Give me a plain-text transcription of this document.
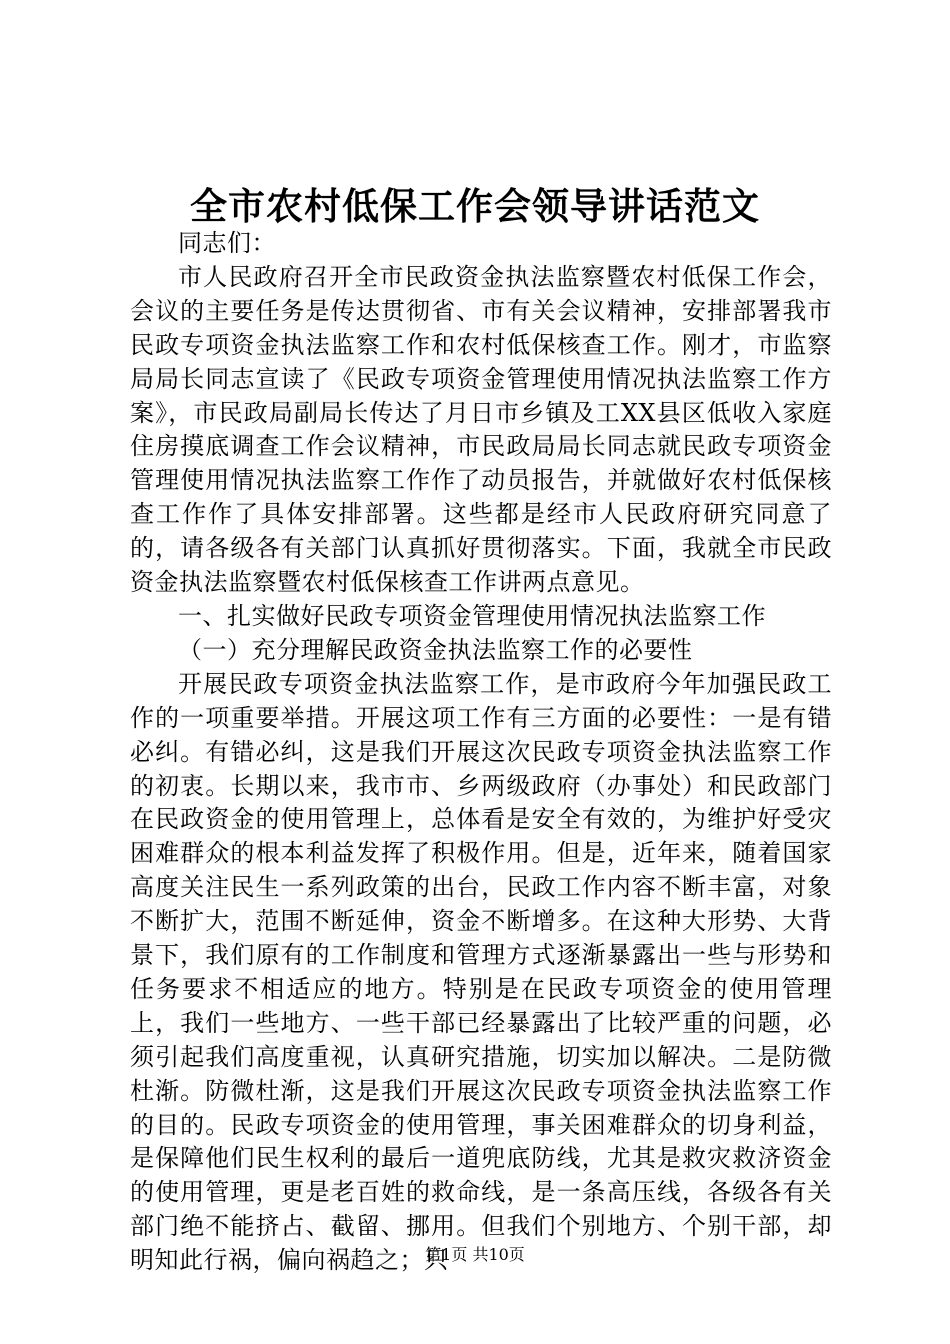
全市农村低保工作会领导讲话范文

同志们：

市人民政府召开全市民政资金执法监察暨农村低保工作会，会议的主要任务是传达贯彻省、市有关会议精神，安排部署我市民政专项资金执法监察工作和农村低保核查工作。刚才，市监察局局长同志宣读了《民政专项资金管理使用情况执法监察工作方案》，市民政局副局长传达了月日市乡镇及工XX县区低收入家庭住房摸底调查工作会议精神，市民政局局长同志就民政专项资金管理使用情况执法监察工作作了动员报告，并就做好农村低保核查工作作了具体安排部署。这些都是经市人民政府研究同意了的，请各级各有关部门认真抓好贯彻落实。下面，我就全市民政资金执法监察暨农村低保核查工作讲两点意见。

一、扎实做好民政专项资金管理使用情况执法监察工作

（一）充分理解民政资金执法监察工作的必要性

开展民政专项资金执法监察工作，是市政府今年加强民政工作的一项重要举措。开展这项工作有三方面的必要性：一是有错必纠。有错必纠，这是我们开展这次民政专项资金执法监察工作的初衷。长期以来，我市市、乡两级政府（办事处）和民政部门在民政资金的使用管理上，总体看是安全有效的，为维护好受灾困难群众的根本利益发挥了积极作用。但是，近年来，随着国家高度关注民生一系列政策的出台，民政工作内容不断丰富，对象不断扩大，范围不断延伸，资金不断增多。在这种大形势、大背景下，我们原有的工作制度和管理方式逐渐暴露出一些与形势和任务要求不相适应的地方。特别是在民政专项资金的使用管理上，我们一些地方、一些干部已经暴露出了比较严重的问题，必须引起我们高度重视，认真研究措施，切实加以解决。二是防微杜渐。防微杜渐，这是我们开展这次民政专项资金执法监察工作的目的。民政专项资金的使用管理，事关困难群众的切身利益，是保障他们民生权利的最后一道兜底防线，尤其是救灾救济资金的使用管理，更是老百姓的救命线，是一条高压线，各级各有关部门绝不能挤占、截留、挪用。但我们个别地方、个别干部，却明知此行祸，偏向祸趋之；只

第1页 共10页
